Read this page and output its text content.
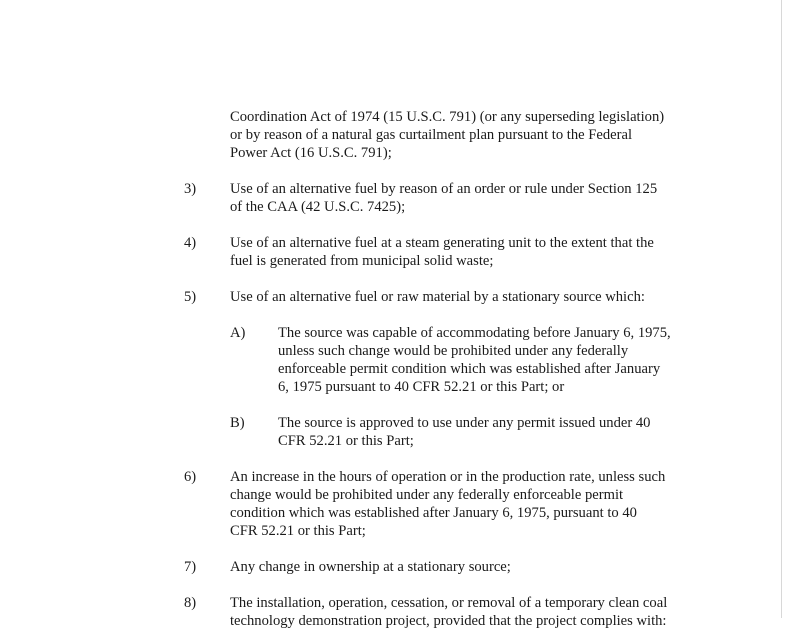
Coordination Act of 1974 (15 U.S.C. 791) (or any superseding legislation)
or by reason of a natural gas curtailment plan pursuant to the Federal
Power Act (16 U.S.C. 791);
3) Use of an alternative fuel by reason of an order or rule under Section 125
of the CAA (42 U.S.C. 7425);
4) Use of an alternative fuel at a steam generating unit to the extent that the
fuel is generated from municipal solid waste;
5) Use of an alternative fuel or raw material by a stationary source which:
A) The source was capable of accommodating before January 6, 1975,
unless such change would be prohibited under any federally
enforceable permit condition which was established after January
6, 1975 pursuant to 40 CFR 52.21 or this Part; or
B) The source is approved to use under any permit issued under 40
CFR 52.21 or this Part;
6) An increase in the hours of operation or in the production rate, unless such
change would be prohibited under any federally enforceable permit
condition which was established after January 6, 1975, pursuant to 40
CFR 52.21 or this Part;
7) Any change in ownership at a stationary source;
8) The installation, operation, cessation, or removal of a temporary clean coal
technology demonstration project, provided that the project complies with:
